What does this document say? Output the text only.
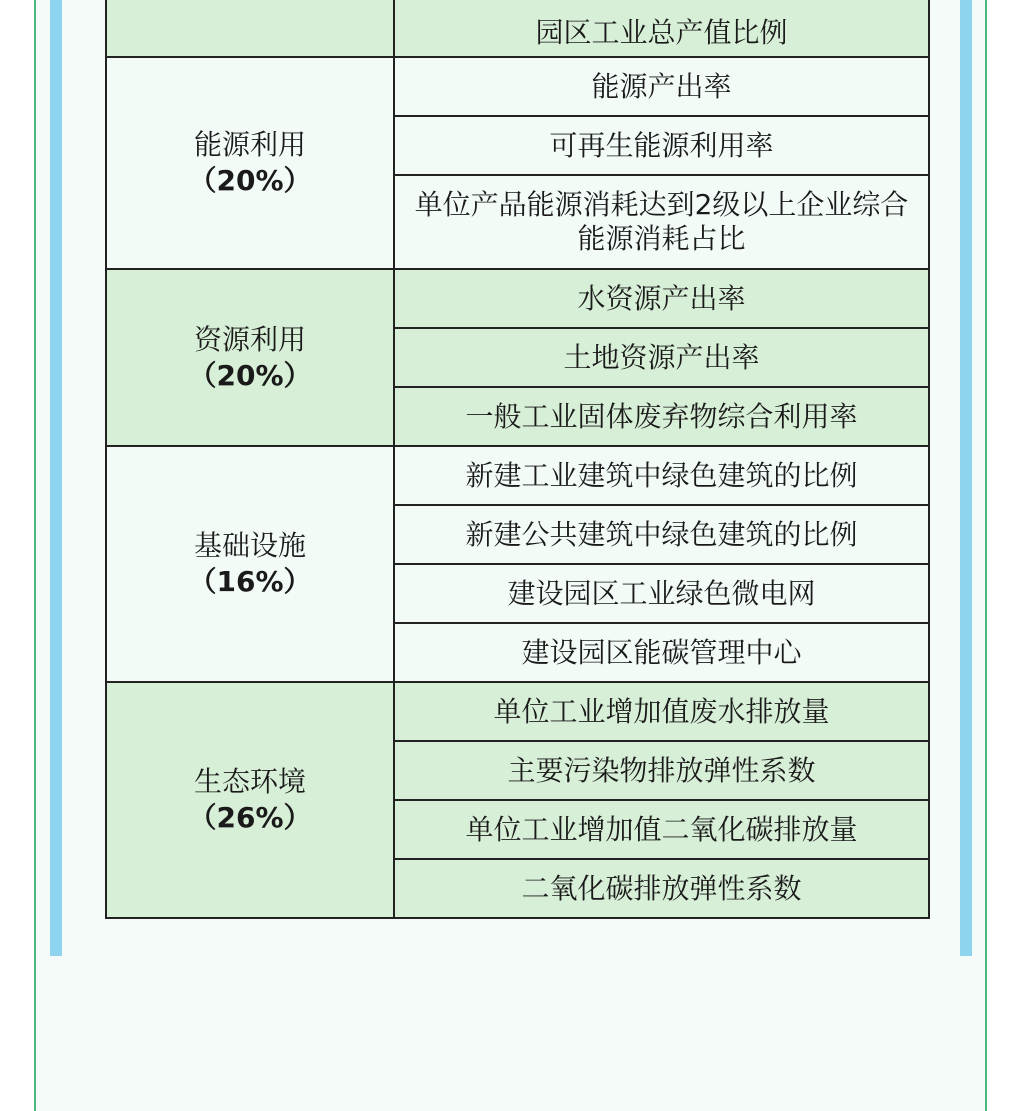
	园区工业总产值比例
能源利用
（20%）	能源产出率
	可再生能源利用率
	单位产品能源消耗达到2级以上企业综合能源消耗占比
资源利用
（20%）	水资源产出率
	土地资源产出率
	一般工业固体废弃物综合利用率
基础设施
（16%）	新建工业建筑中绿色建筑的比例
	新建公共建筑中绿色建筑的比例
	建设园区工业绿色微电网
	建设园区能碳管理中心
生态环境
（26%）	单位工业增加值废水排放量
	主要污染物排放弹性系数
	单位工业增加值二氧化碳排放量
	二氧化碳排放弹性系数
